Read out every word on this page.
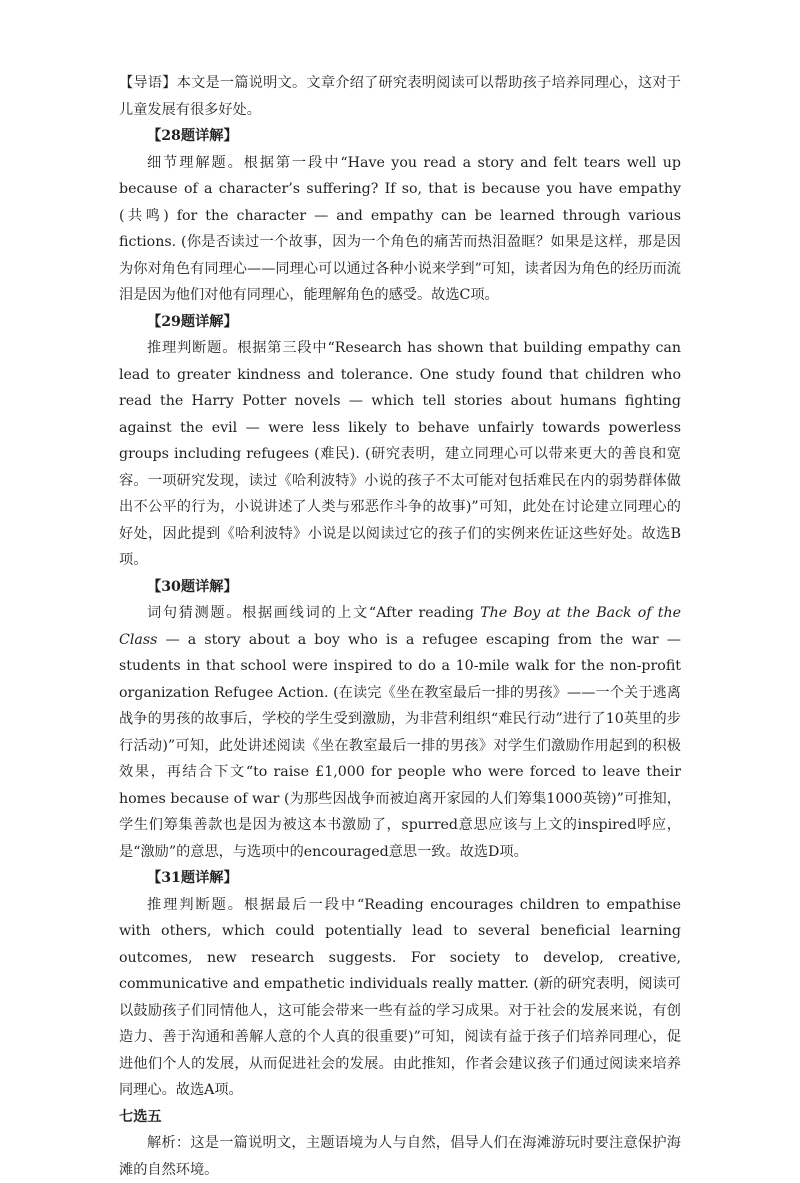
【导语】本文是一篇说明文。文章介绍了研究表明阅读可以帮助孩子培养同理心，这对于儿童发展有很多好处。

【28题详解】

细节理解题。根据第一段中“Have you read a story and felt tears well up because of a character’s suffering? If so, that is because you have empathy (共鸣) for the character — and empathy can be learned through various fictions. (你是否读过一个故事，因为一个角色的痛苦而热泪盈眶？如果是这样，那是因为你对角色有同理心——同理心可以通过各种小说来学到”可知，读者因为角色的经历而流泪是因为他们对他有同理心，能理解角色的感受。故选C项。

【29题详解】

推理判断题。根据第三段中“Research has shown that building empathy can lead to greater kindness and tolerance. One study found that children who read the Harry Potter novels — which tell stories about humans fighting against the evil — were less likely to behave unfairly towards powerless groups including refugees (难民). (研究表明，建立同理心可以带来更大的善良和宽容。一项研究发现，读过《哈利波特》小说的孩子不太可能对包括难民在内的弱势群体做出不公平的行为，小说讲述了人类与邪恶作斗争的故事)”可知，此处在讨论建立同理心的好处，因此提到《哈利波特》小说是以阅读过它的孩子们的实例来佐证这些好处。故选B项。

【30题详解】

词句猜测题。根据画线词的上文“After reading The Boy at the Back of the Class — a story about a boy who is a refugee escaping from the war — students in that school were inspired to do a 10-mile walk for the non-profit organization Refugee Action. (在读完《坐在教室最后一排的男孩》——一个关于逃离战争的男孩的故事后，学校的学生受到激励，为非营利组织“难民行动”进行了10英里的步行活动)”可知，此处讲述阅读《坐在教室最后一排的男孩》对学生们激励作用起到的积极效果，再结合下文“to raise £1,000 for people who were forced to leave their homes because of war (为那些因战争而被迫离开家园的人们筹集1000英镑)”可推知，学生们筹集善款也是因为被这本书激励了，spurred意思应该与上文的inspired呼应，是“激励”的意思，与选项中的encouraged意思一致。故选D项。

【31题详解】

推理判断题。根据最后一段中“Reading encourages children to empathise with others, which could potentially lead to several beneficial learning outcomes, new research suggests. For society to develop, creative, communicative and empathetic individuals really matter. (新的研究表明，阅读可以鼓励孩子们同情他人，这可能会带来一些有益的学习成果。对于社会的发展来说，有创造力、善于沟通和善解人意的个人真的很重要)”可知，阅读有益于孩子们培养同理心，促进他们个人的发展，从而促进社会的发展。由此推知，作者会建议孩子们通过阅读来培养同理心。故选A项。

七选五

解析：这是一篇说明文，主题语境为人与自然，倡导人们在海滩游玩时要注意保护海滩的自然环境。
